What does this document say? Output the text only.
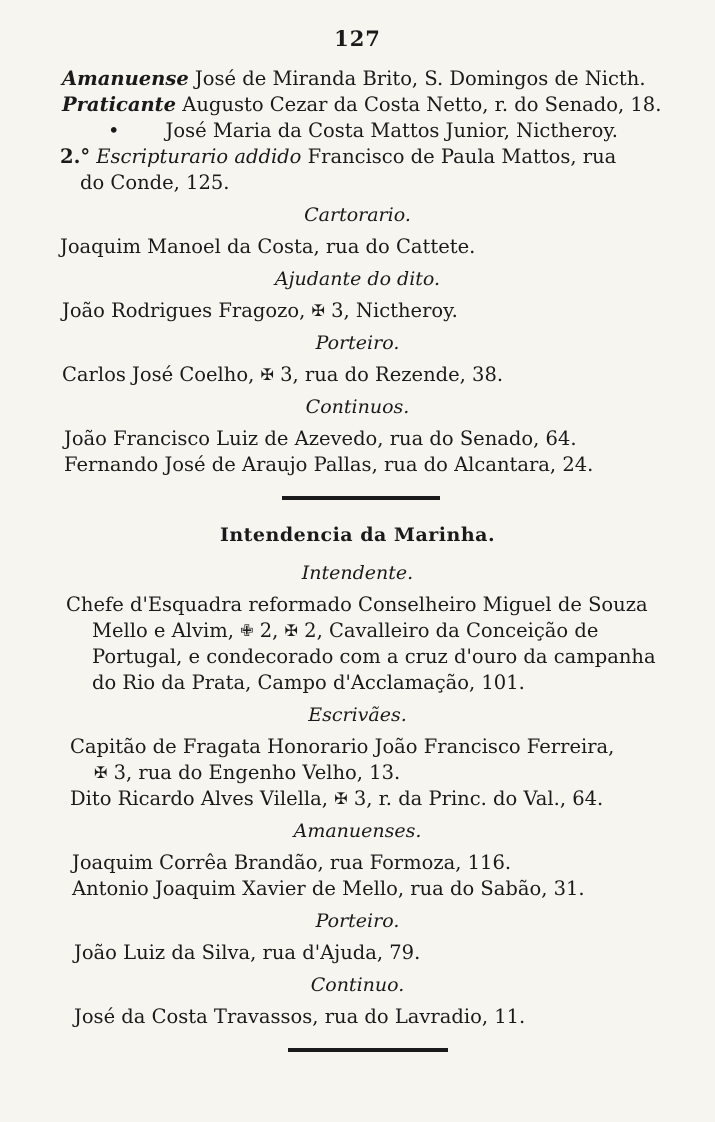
127
Amanuense José de Miranda Brito, S. Domingos de Nicth.
Praticante Augusto Cezar da Costa Netto, r. do Senado, 18.
• José Maria da Costa Mattos Junior, Nictheroy.
2.° Escripturario addido Francisco de Paula Mattos, rua
do Conde, 125.
Cartorario.
Joaquim Manoel da Costa, rua do Cattete.
Ajudante do dito.
João Rodrigues Fragozo, ✠ 3, Nictheroy.
Porteiro.
Carlos José Coelho, ✠ 3, rua do Rezende, 38.
Continuos.
João Francisco Luiz de Azevedo, rua do Senado, 64.
Fernando José de Araujo Pallas, rua do Alcantara, 24.
Intendencia da Marinha.
Intendente.
Chefe d'Esquadra reformado Conselheiro Miguel de Souza
Mello e Alvim, ✙ 2, ✠ 2, Cavalleiro da Conceição de
Portugal, e condecorado com a cruz d'ouro da campanha
do Rio da Prata, Campo d'Acclamação, 101.
Escrivães.
Capitão de Fragata Honorario João Francisco Ferreira,
✠ 3, rua do Engenho Velho, 13.
Dito Ricardo Alves Vilella, ✠ 3, r. da Princ. do Val., 64.
Amanuenses.
Joaquim Corrêa Brandão, rua Formoza, 116.
Antonio Joaquim Xavier de Mello, rua do Sabão, 31.
Porteiro.
João Luiz da Silva, rua d'Ajuda, 79.
Continuo.
José da Costa Travassos, rua do Lavradio, 11.
